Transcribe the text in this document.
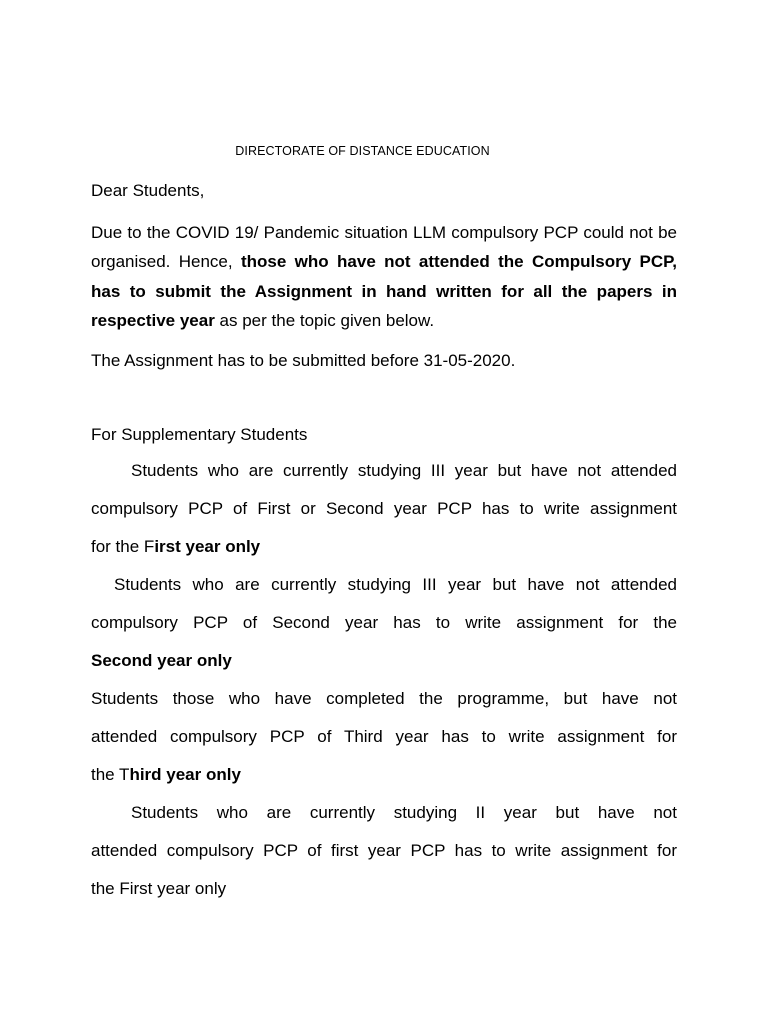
DIRECTORATE OF DISTANCE EDUCATION

Dear Students,

Due to the COVID 19/ Pandemic situation LLM compulsory PCP could not be organised. Hence, those who have not attended the Compulsory PCP, has to submit the Assignment in hand written for all the papers in respective year as per the topic given below.

The Assignment has to be submitted before 31-05-2020.

For Supplementary Students

Students who are currently studying III year but have not attended
compulsory PCP of First or Second year PCP has to write assignment
for the First year only
Students who are currently studying III year but have not attended
compulsory PCP of Second year has to write assignment for the
Second year only
Students those who have completed the programme, but have not
attended compulsory PCP of Third year has to write assignment for
the Third year only
Students who are currently studying II year but have not
attended compulsory PCP of first year PCP has to write assignment for
the First year only
